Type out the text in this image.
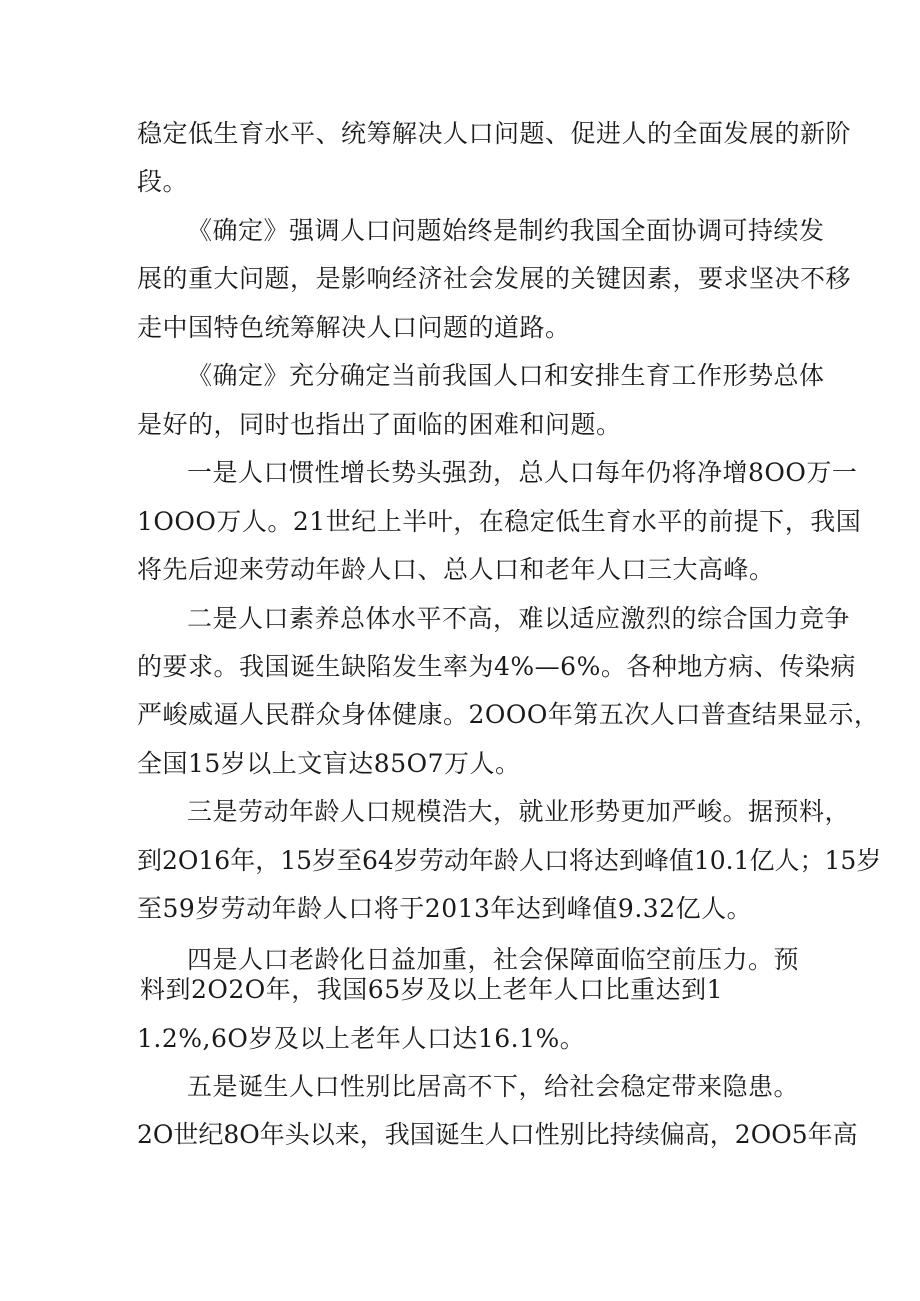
稳定低生育水平、统筹解决人口问题、促进人的全面发展的新阶
段。
《确定》强调人口问题始终是制约我国全面协调可持续发
展的重大问题，是影响经济社会发展的关键因素，要求坚决不移
走中国特色统筹解决人口问题的道路。
《确定》充分确定当前我国人口和安排生育工作形势总体
是好的，同时也指出了面临的困难和问题。
一是人口惯性增长势头强劲，总人口每年仍将净增8OO万一
1OOO万人。21世纪上半叶，在稳定低生育水平的前提下，我国
将先后迎来劳动年龄人口、总人口和老年人口三大高峰。
二是人口素养总体水平不高，难以适应激烈的综合国力竞争
的要求。我国诞生缺陷发生率为4%—6%。各种地方病、传染病
严峻威逼人民群众身体健康。2OOO年第五次人口普查结果显示，
全国15岁以上文盲达85O7万人。
三是劳动年龄人口规模浩大，就业形势更加严峻。据预料，
到2O16年，15岁至64岁劳动年龄人口将达到峰值10.1亿人；15岁
至59岁劳动年龄人口将于2013年达到峰值9.32亿人。
四是人口老龄化日益加重，社会保障面临空前压力。预
料到2O2O年，我国65岁及以上老年人口比重达到1
1.2%,6O岁及以上老年人口达16.1%。
五是诞生人口性别比居高不下，给社会稳定带来隐患。
2O世纪8O年头以来，我国诞生人口性别比持续偏高，2OO5年高
